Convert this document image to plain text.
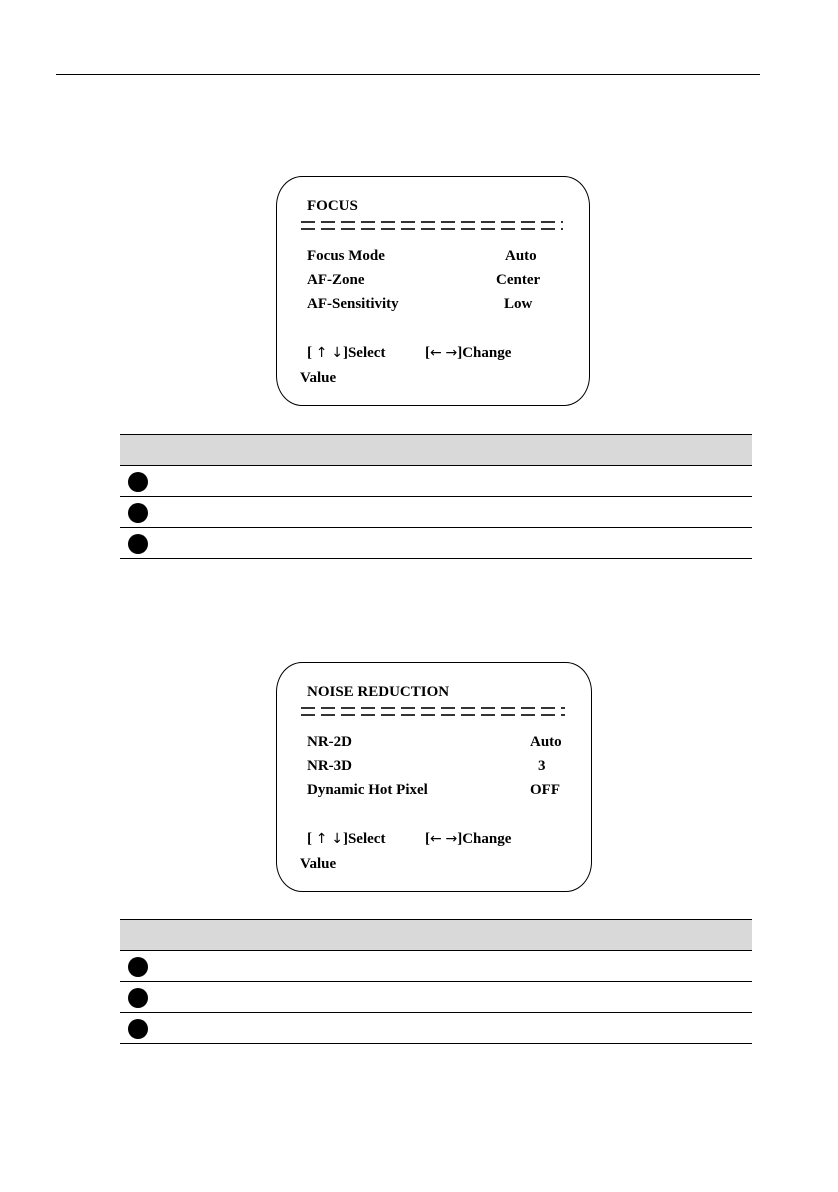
FOCUS
Focus Mode	Auto
AF-Zone	Center
AF-Sensitivity	Low
[ ↑ ↓]Select	[← →]Change
Value
NOISE REDUCTION
NR-2D	Auto
NR-3D	3
Dynamic Hot Pixel	OFF
[ ↑ ↓]Select	[← →]Change
Value
